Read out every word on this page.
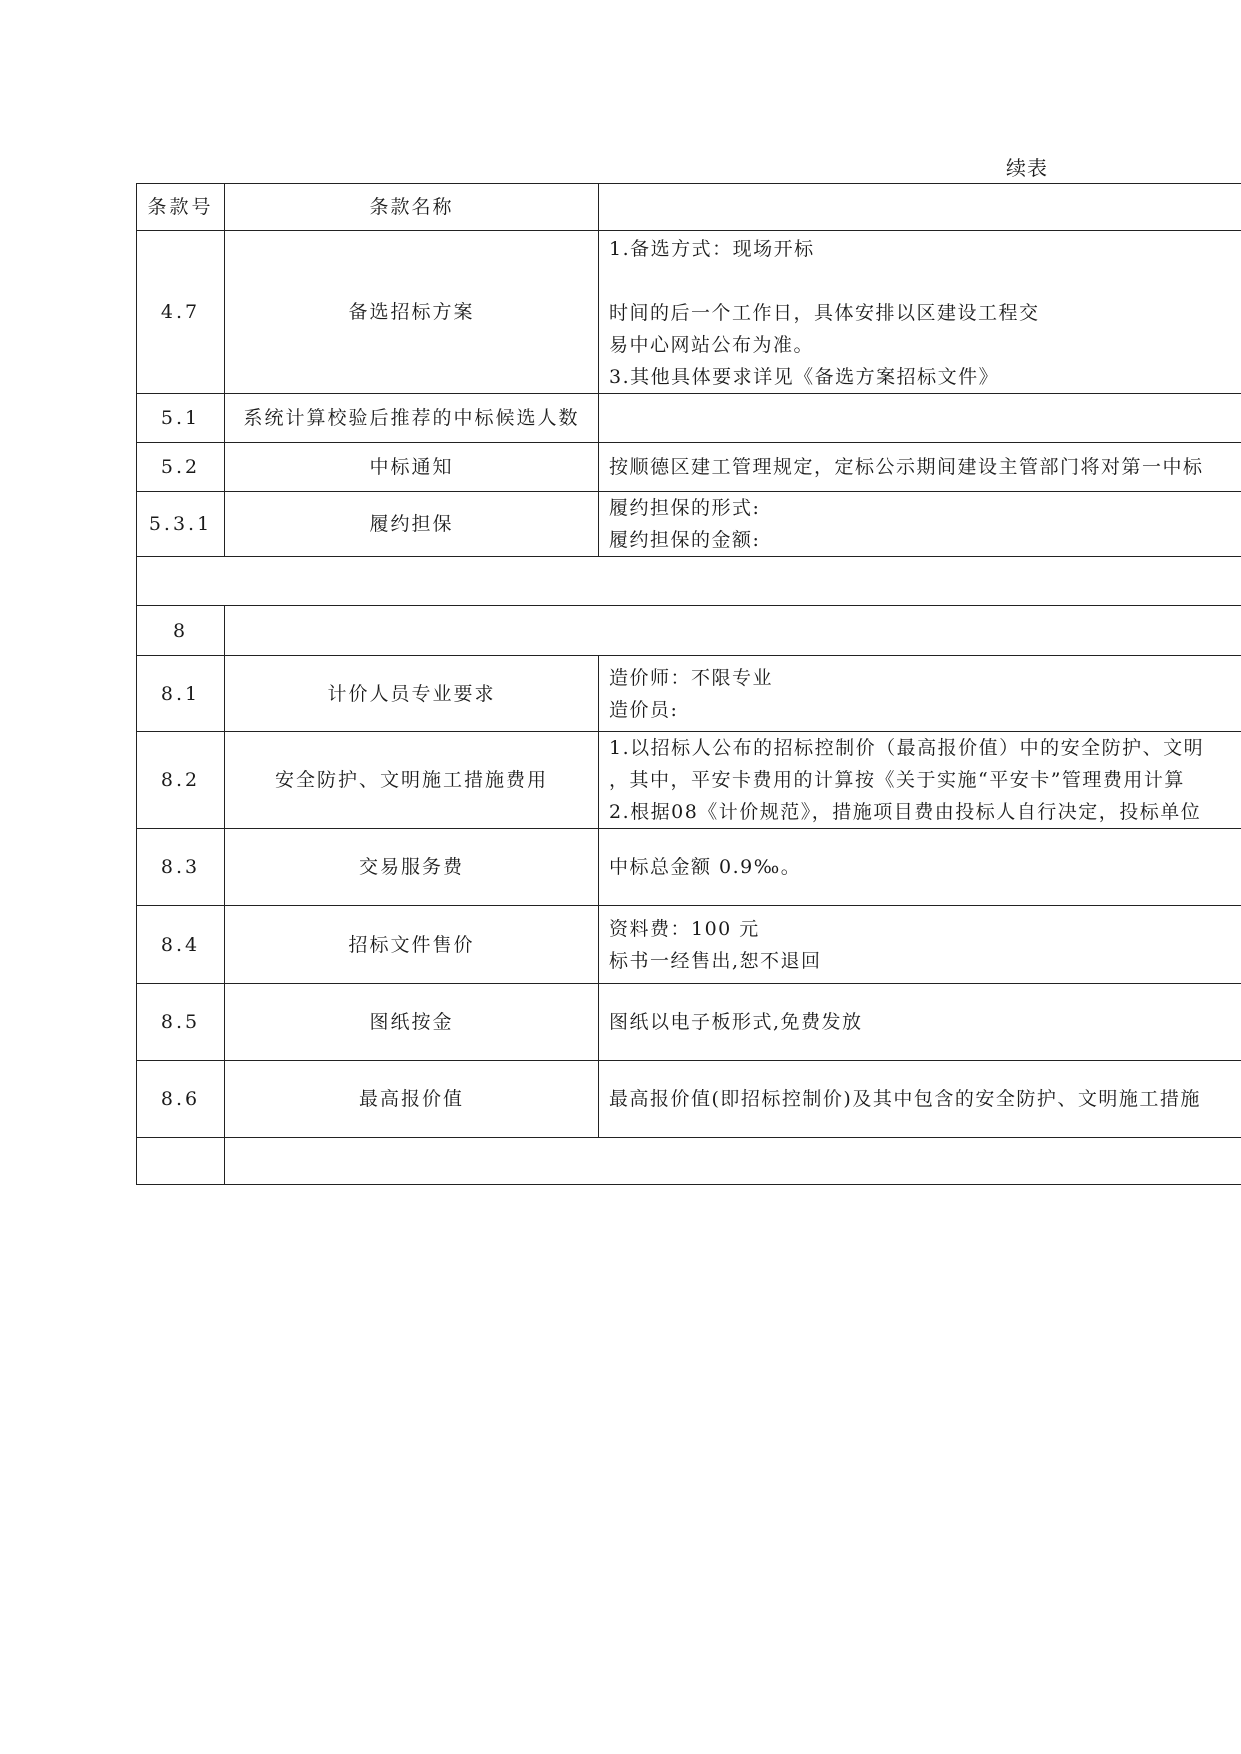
续表
条款号	条款名称	
4.7	备选招标方案	1.备选方式：现场开标
时间的后一个工作日，具体安排以区建设工程交
易中心网站公布为准。
3.其他具体要求详见《备选方案招标文件》

5.1	系统计算校验后推荐的中标候选人数	

5.2	中标通知	按顺德区建工管理规定，定标公示期间建设主管部门将对第一中标

5.3.1	履约担保	履约担保的形式:
履约担保的金额:

8		

8.1	计价人员专业要求	造价师：不限专业
造价员:

8.2	安全防护、文明施工措施费用	1.以招标人公布的招标控制价（最高报价值）中的安全防护、文明
，其中，平安卡费用的计算按《关于实施“平安卡”管理费用计算
2.根据08《计价规范》，措施项目费由投标人自行决定，投标单位

8.3	交易服务费	中标总金额 0.9‰。

8.4	招标文件售价	资料费：100 元
标书一经售出,恕不退回

8.5	图纸按金	图纸以电子板形式,免费发放

8.6	最高报价值	最高报价值(即招标控制价)及其中包含的安全防护、文明施工措施
